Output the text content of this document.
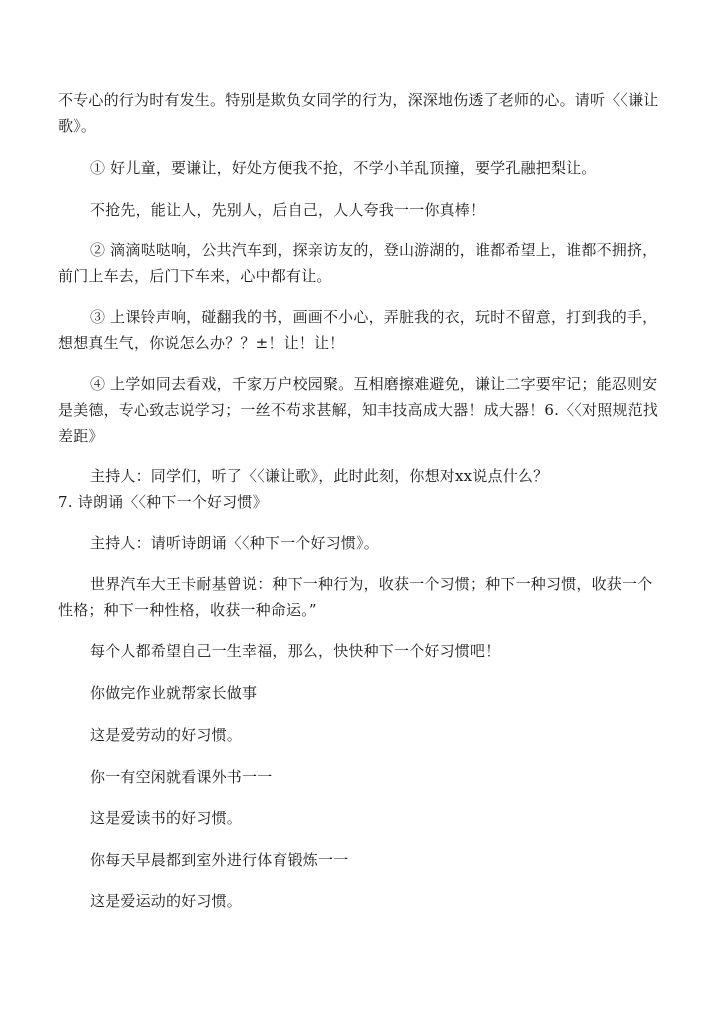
不专心的行为时有发生。特别是欺负女同学的行为，深深地伤透了老师的心。请听〈〈谦让歌》。

① 好儿童，要谦让，好处方便我不抢，不学小羊乱顶撞，要学孔融把梨让。

不抢先，能让人，先别人，后自己，人人夸我一一你真棒！

② 滴滴哒哒响，公共汽车到，探亲访友的，登山游湖的，谁都希望上，谁都不拥挤，前门上车去，后门下车来，心中都有让。

③ 上课铃声响，碰翻我的书，画画不小心，弄脏我的衣，玩时不留意，打到我的手，想想真生气，你说怎么办？？±！让！让！

④ 上学如同去看戏，千家万户校园聚。互相磨擦难避免，谦让二字要牢记；能忍则安是美德，专心致志说学习；一丝不苟求甚解，知丰技高成大器！成大器！6.〈〈对照规范找差距》

主持人：同学们，听了〈〈谦让歌》，此时此刻，你想对xx说点什么？

7. 诗朗诵〈〈种下一个好习惯》

主持人：请听诗朗诵〈〈种下一个好习惯》。

世界汽车大王卡耐基曾说：种下一种行为，收获一个习惯；种下一种习惯，收获一个性格；种下一种性格，收获一种命运。”

每个人都希望自己一生幸福，那么，快快种下一个好习惯吧！

你做完作业就帮家长做事

这是爱劳动的好习惯。

你一有空闲就看课外书一一

这是爱读书的好习惯。

你每天早晨都到室外进行体育锻炼一一

这是爱运动的好习惯。
